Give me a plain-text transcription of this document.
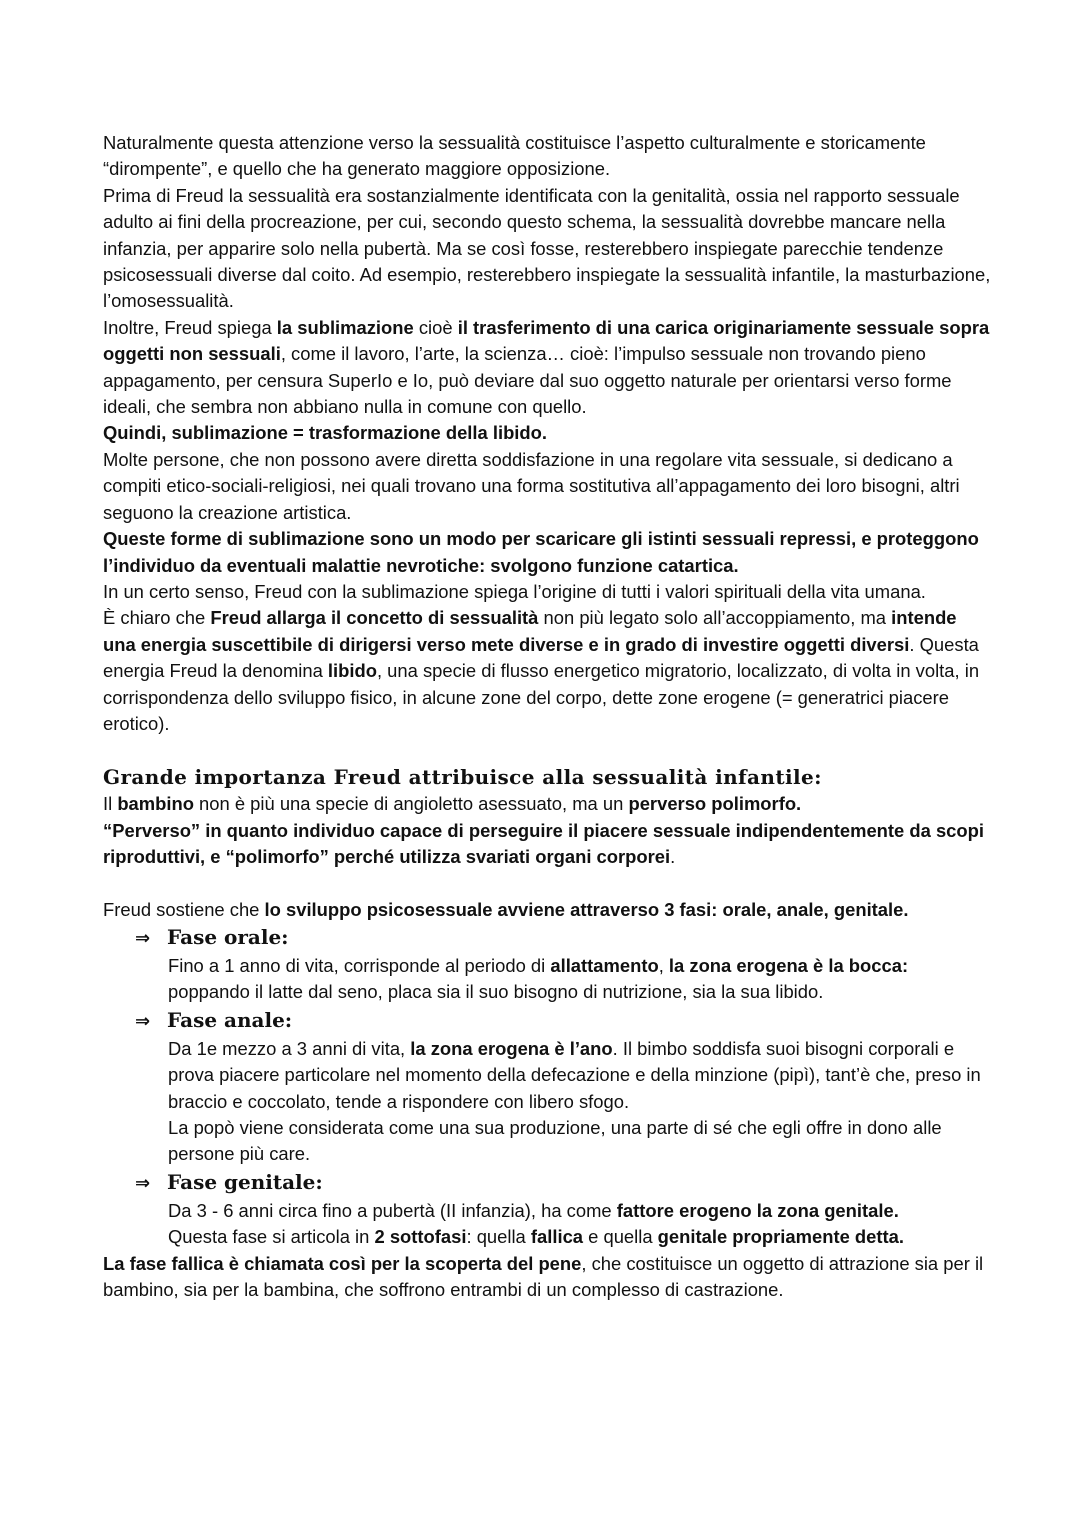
Naturalmente questa attenzione verso la sessualità costituisce l’aspetto culturalmente e storicamente “dirompente”, e quello che ha generato maggiore opposizione.

Prima di Freud la sessualità era sostanzialmente identificata con la genitalità, ossia nel rapporto sessuale adulto ai fini della procreazione, per cui, secondo questo schema, la sessualità dovrebbe mancare nella infanzia, per apparire solo nella pubertà. Ma se così fosse, resterebbero inspiegate parecchie tendenze psicosessuali diverse dal coito. Ad esempio, resterebbero inspiegate la sessualità infantile, la masturbazione, l’omosessualità.

Inoltre, Freud spiega la sublimazione cioè il trasferimento di una carica originariamente sessuale sopra oggetti non sessuali, come il lavoro, l’arte, la scienza… cioè: l’impulso sessuale non trovando pieno appagamento, per censura SuperIo e Io, può deviare dal suo oggetto naturale per orientarsi verso forme ideali, che sembra non abbiano nulla in comune con quello.

Quindi, sublimazione = trasformazione della libido.

Molte persone, che non possono avere diretta soddisfazione in una regolare vita sessuale, si dedicano a compiti etico-sociali-religiosi, nei quali trovano una forma sostitutiva all’appagamento dei loro bisogni, altri seguono la creazione artistica.

Queste forme di sublimazione sono un modo per scaricare gli istinti sessuali repressi, e proteggono l’individuo da eventuali malattie nevrotiche: svolgono funzione catartica.

In un certo senso, Freud con la sublimazione spiega l’origine di tutti i valori spirituali della vita umana.

È chiaro che Freud allarga il concetto di sessualità non più legato solo all’accoppiamento, ma intende una energia suscettibile di dirigersi verso mete diverse e in grado di investire oggetti diversi. Questa energia Freud la denomina libido, una specie di flusso energetico migratorio, localizzato, di volta in volta, in corrispondenza dello sviluppo fisico, in alcune zone del corpo, dette zone erogene (= generatrici piacere erotico).

Grande importanza Freud attribuisce alla sessualità infantile:

Il bambino non è più una specie di angioletto asessuato, ma un perverso polimorfo.

“Perverso” in quanto individuo capace di perseguire il piacere sessuale indipendentemente da scopi riproduttivi, e “polimorfo” perché utilizza svariati organi corporei.

Freud sostiene che lo sviluppo psicosessuale avviene attraverso 3 fasi: orale, anale, genitale.

⇒ Fase orale:

Fino a 1 anno di vita, corrisponde al periodo di allattamento, la zona erogena è la bocca: poppando il latte dal seno, placa sia il suo bisogno di nutrizione, sia la sua libido.

⇒ Fase anale:

Da 1e mezzo a 3 anni di vita, la zona erogena è l’ano. Il bimbo soddisfa suoi bisogni corporali e prova piacere particolare nel momento della defecazione e della minzione (pipì), tant’è che, preso in braccio e coccolato, tende a rispondere con libero sfogo.

La popò viene considerata come una sua produzione, una parte di sé che egli offre in dono alle persone più care.

⇒ Fase genitale:

Da 3 - 6 anni circa fino a pubertà (II infanzia), ha come fattore erogeno la zona genitale.

Questa fase si articola in 2 sottofasi: quella fallica e quella genitale propriamente detta.

La fase fallica è chiamata così per la scoperta del pene, che costituisce un oggetto di attrazione sia per il bambino, sia per la bambina, che soffrono entrambi di un complesso di castrazione.
